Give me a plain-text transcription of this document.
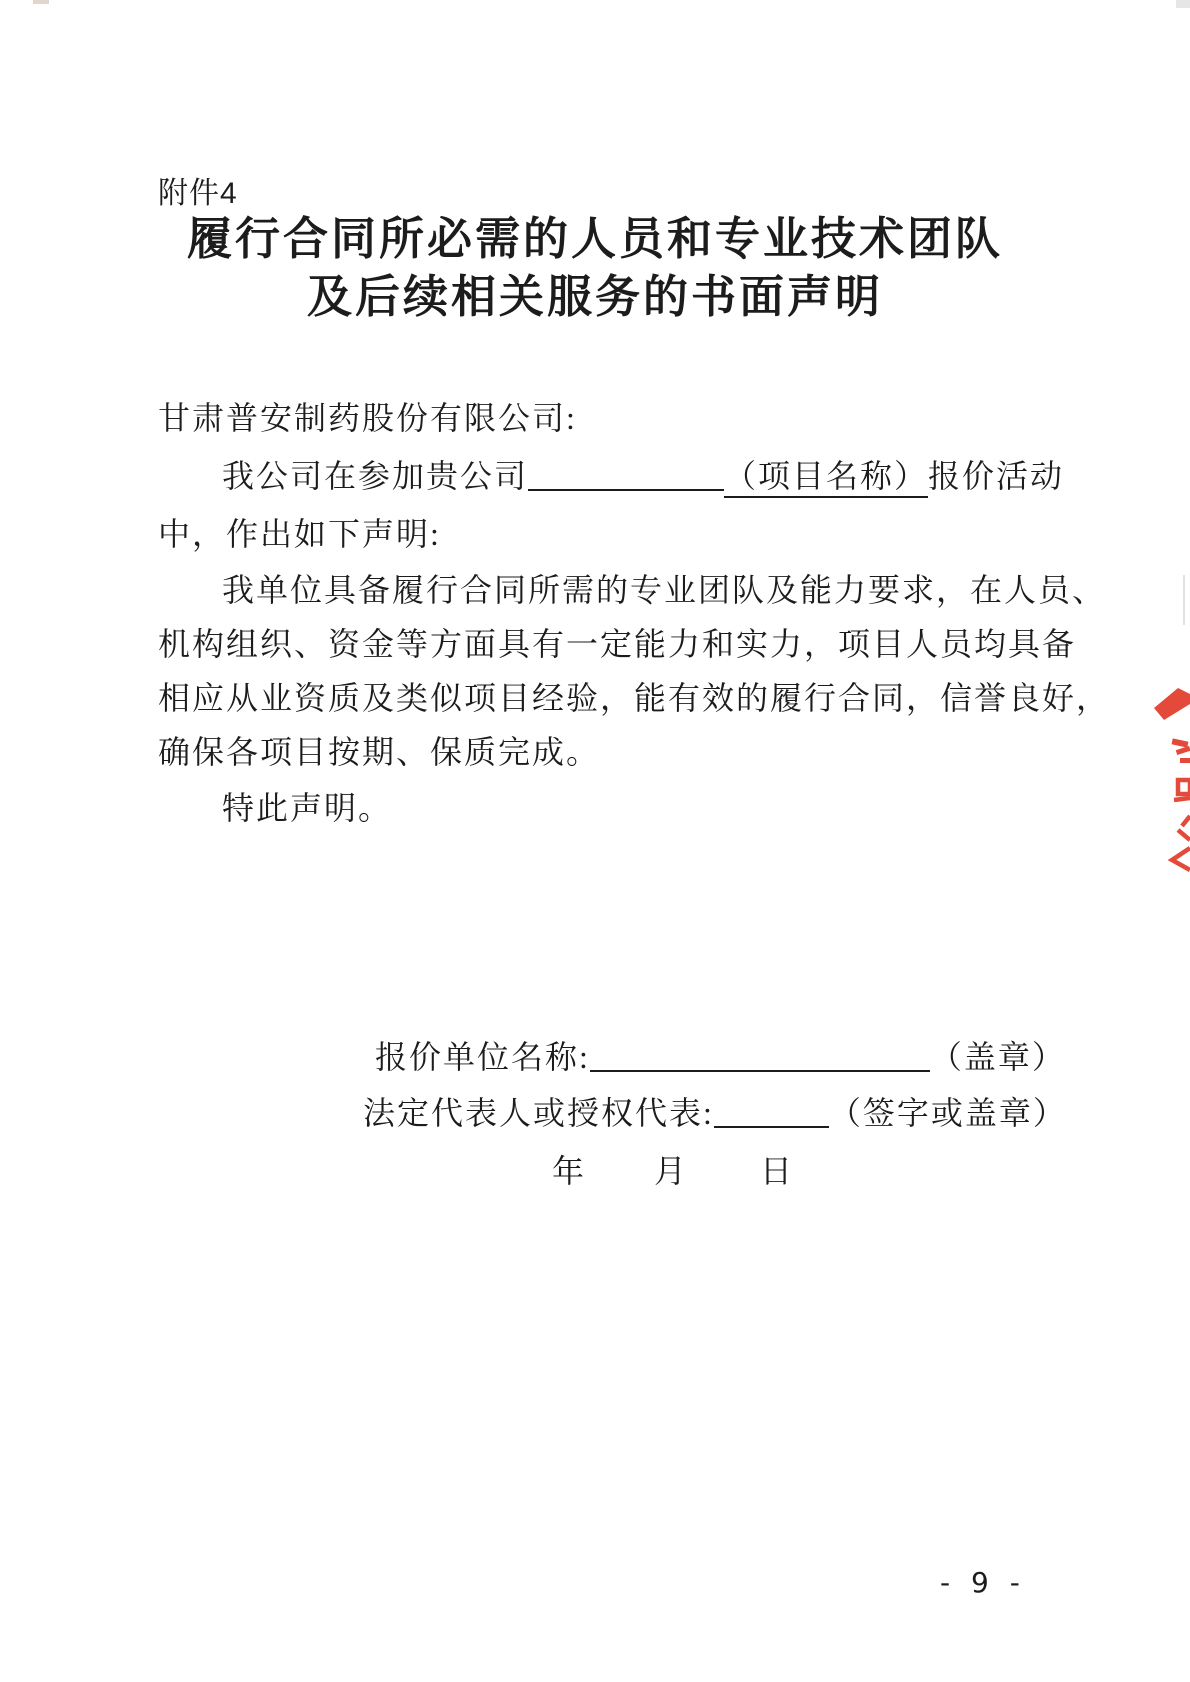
附件4
履行合同所必需的人员和专业技术团队
及后续相关服务的书面声明
甘肃普安制药股份有限公司:
我公司在参加贵公司	（项目名称）报价活动
中，作出如下声明:
我单位具备履行合同所需的专业团队及能力要求，在人员、
机构组织、资金等方面具有一定能力和实力，项目人员均具备
相应从业资质及类似项目经验，能有效的履行合同，信誉良好，
确保各项目按期、保质完成。
特此声明。
报价单位名称:	（盖章）
法定代表人或授权代表:	（签字或盖章）
年 月 日
- 9 -
